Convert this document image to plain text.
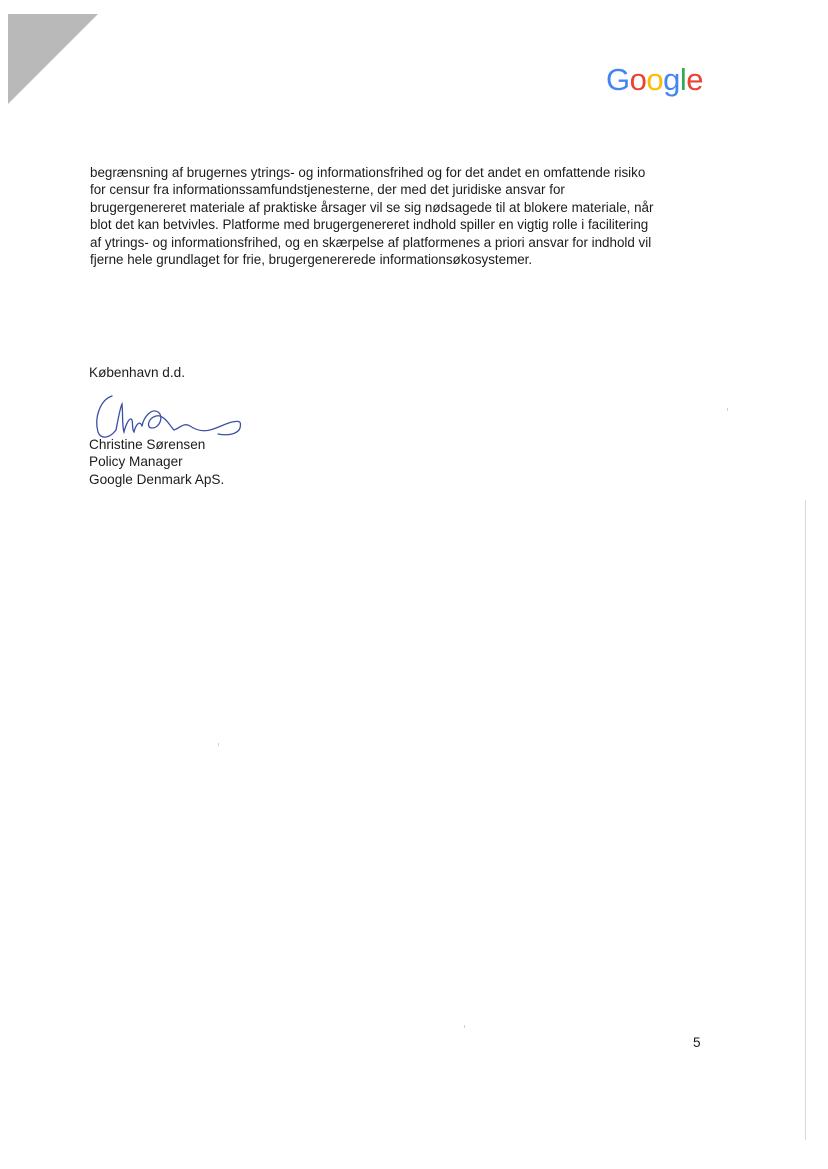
Google

begrænsning af brugernes ytrings- og informationsfrihed og for det andet en omfattende risiko
for censur fra informationssamfundstjenesterne, der med det juridiske ansvar for
brugergenereret materiale af praktiske årsager vil se sig nødsagede til at blokere materiale, når
blot det kan betvivles. Platforme med brugergenereret indhold spiller en vigtig rolle i facilitering
af ytrings- og informationsfrihed, og en skærpelse af platformenes a priori ansvar for indhold vil
fjerne hele grundlaget for frie, brugergenererede informationsøkosystemer.

København d.d.
Christine Sørensen
Policy Manager
Google Denmark ApS.
5
